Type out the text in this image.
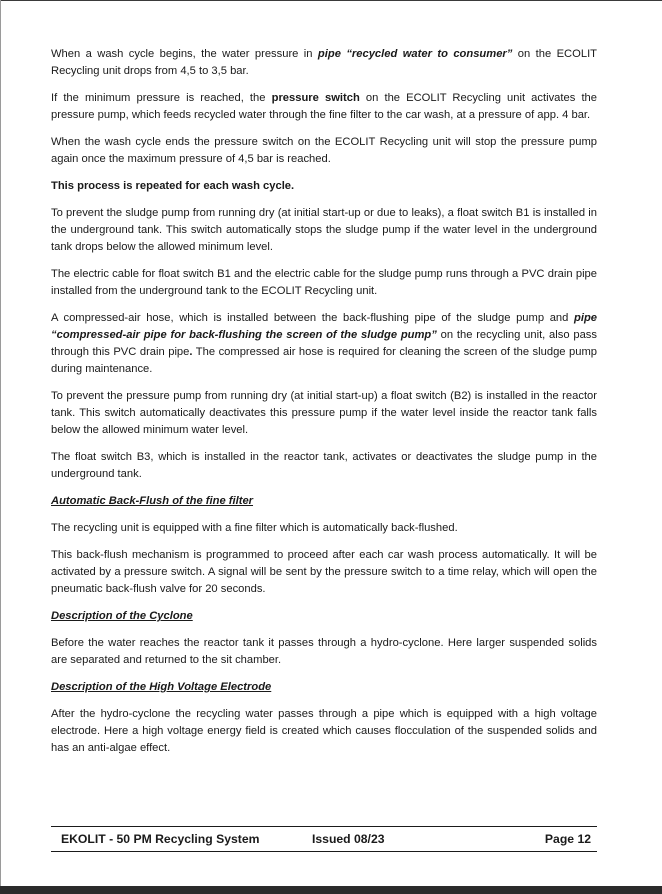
When a wash cycle begins, the water pressure in pipe “recycled water to consumer” on the ECOLIT Recycling unit drops from 4,5 to 3,5 bar.

If the minimum pressure is reached, the pressure switch on the ECOLIT Recycling unit activates the pressure pump, which feeds recycled water through the fine filter to the car wash, at a pressure of app. 4 bar.

When the wash cycle ends the pressure switch on the ECOLIT Recycling unit will stop the pressure pump again once the maximum pressure of 4,5 bar is reached.

This process is repeated for each wash cycle.

To prevent the sludge pump from running dry (at initial start-up or due to leaks), a float switch B1 is installed in the underground tank. This switch automatically stops the sludge pump if the water level in the underground tank drops below the allowed minimum level.

The electric cable for float switch B1 and the electric cable for the sludge pump runs through a PVC drain pipe installed from the underground tank to the ECOLIT Recycling unit.

A compressed-air hose, which is installed between the back-flushing pipe of the sludge pump and pipe “compressed-air pipe for back-flushing the screen of the sludge pump” on the recycling unit, also pass through this PVC drain pipe. The compressed air hose is required for cleaning the screen of the sludge pump during maintenance.

To prevent the pressure pump from running dry (at initial start-up) a float switch (B2) is installed in the reactor tank. This switch automatically deactivates this pressure pump if the water level inside the reactor tank falls below the allowed minimum water level.

The float switch B3, which is installed in the reactor tank, activates or deactivates the sludge pump in the underground tank.

Automatic Back-Flush of the fine filter

The recycling unit is equipped with a fine filter which is automatically back-flushed.

This back-flush mechanism is programmed to proceed after each car wash process automatically. It will be activated by a pressure switch. A signal will be sent by the pressure switch to a time relay, which will open the pneumatic back-flush valve for 20 seconds.

Description of the Cyclone

Before the water reaches the reactor tank it passes through a hydro-cyclone. Here larger suspended solids are separated and returned to the sit chamber.

Description of the High Voltage Electrode

After the hydro-cyclone the recycling water passes through a pipe which is equipped with a high voltage electrode. Here a high voltage energy field is created which causes flocculation of the suspended solids and has an anti-algae effect.

EKOLIT - 50 PM Recycling System	Issued 08/23	Page 12
